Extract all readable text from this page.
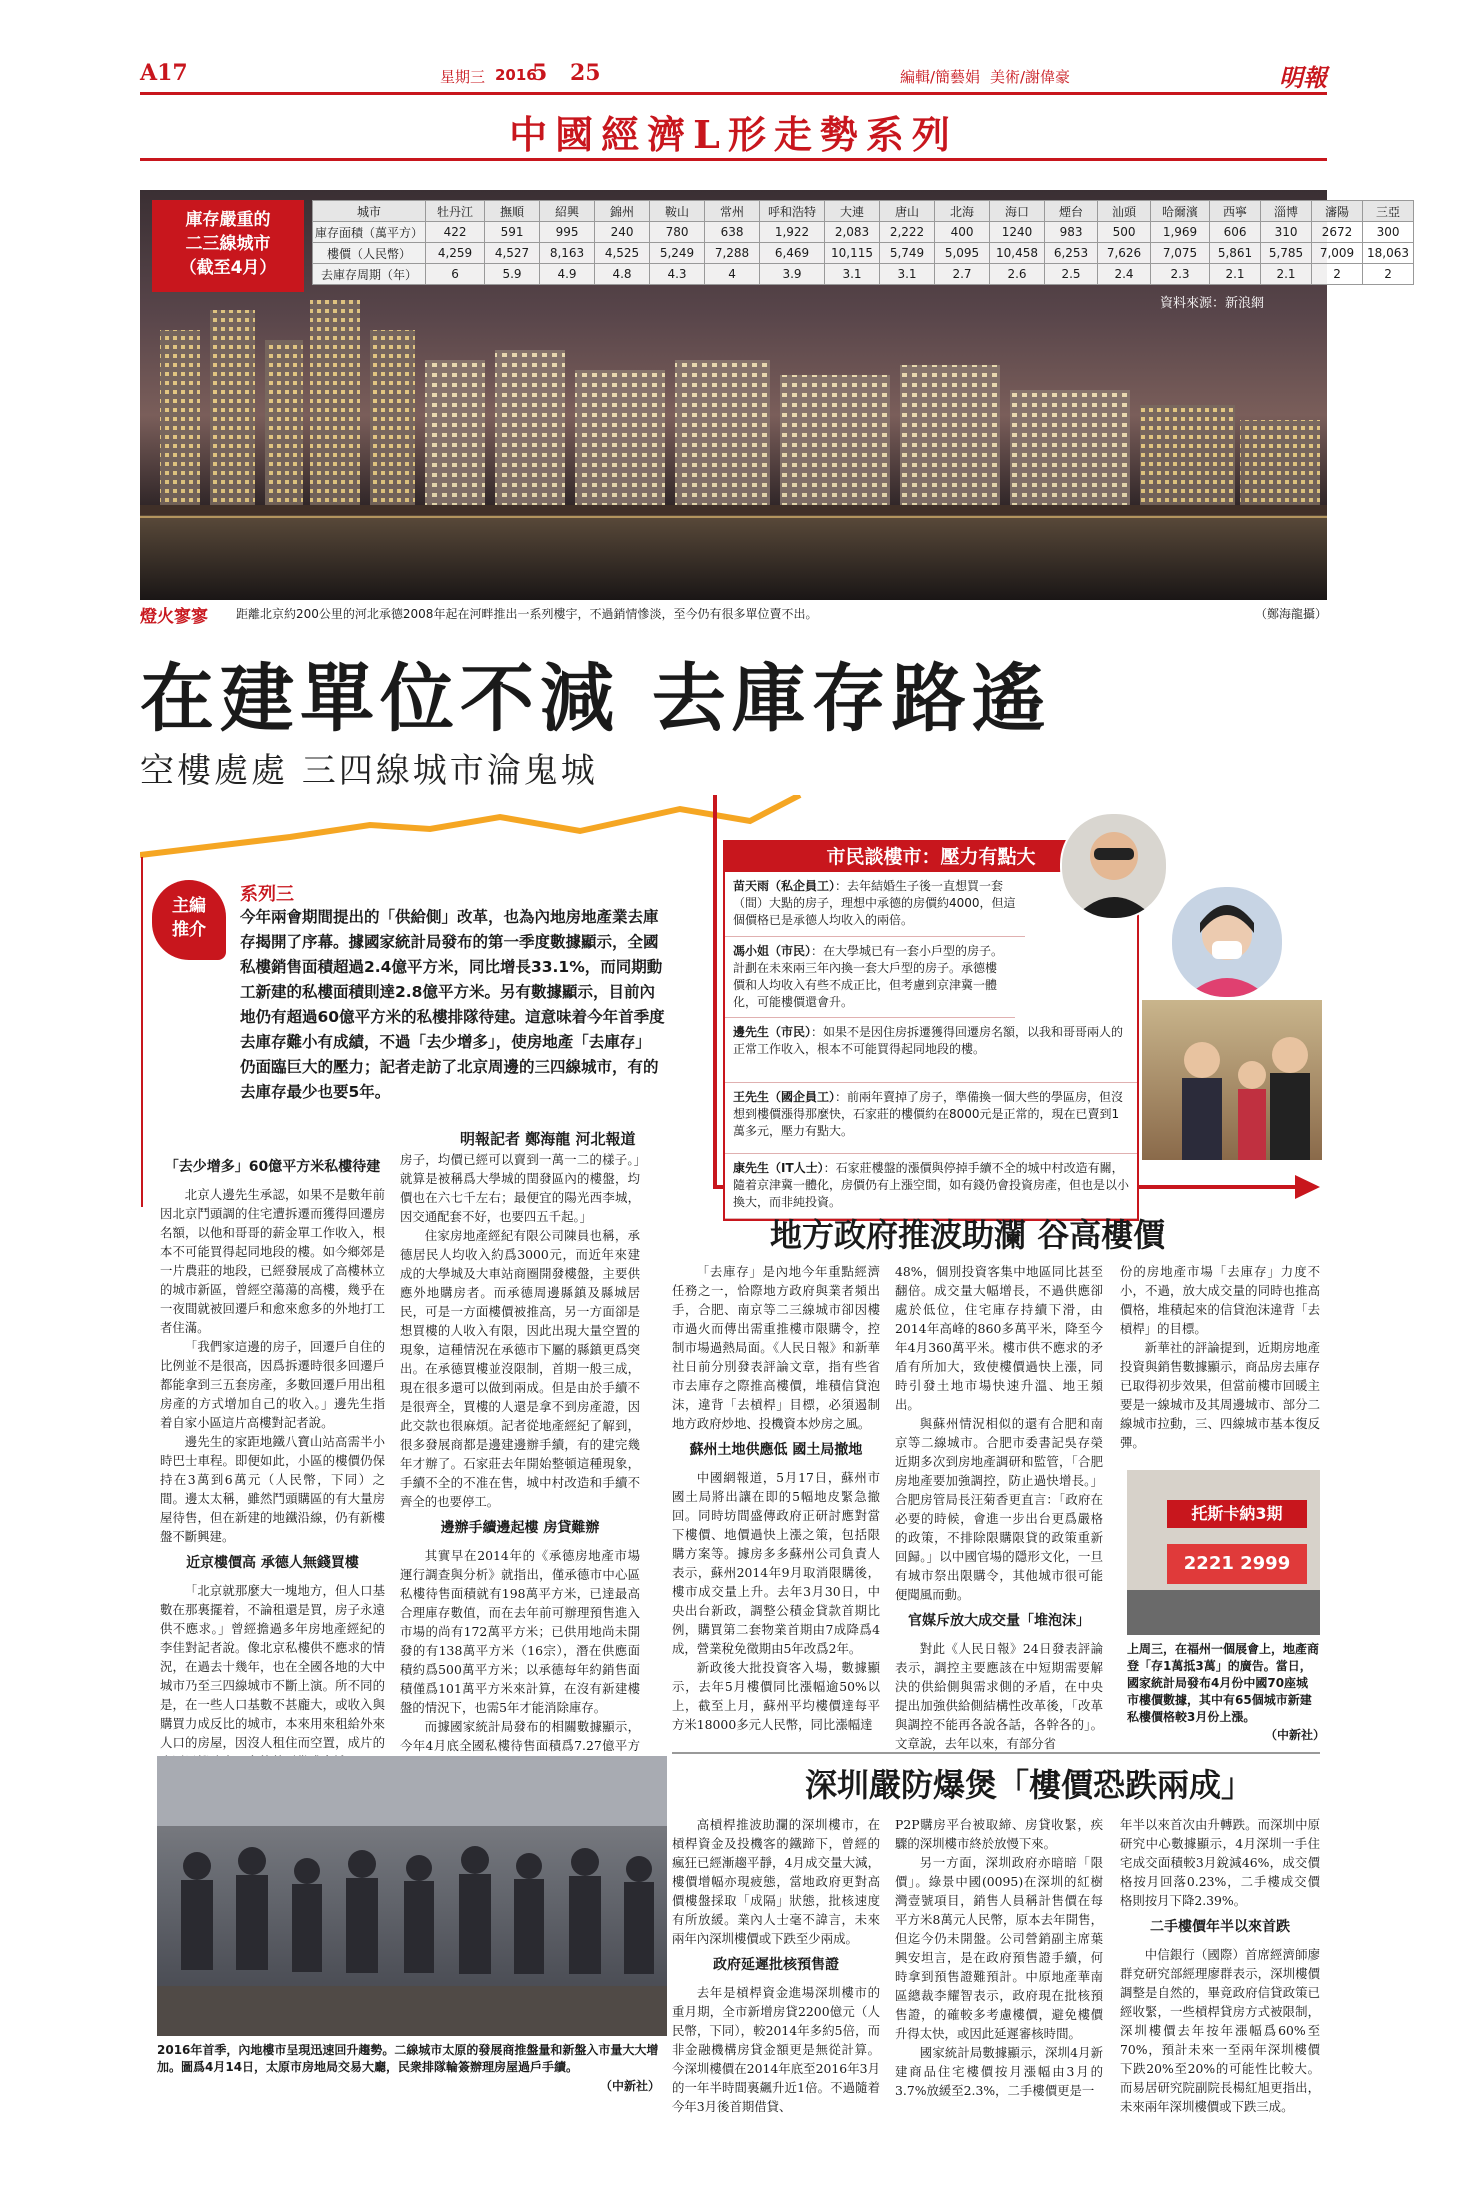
A17	星期三 2016
5 25	編輯/簡藝娟 美術/謝偉豪	明報
中國經濟L形走勢系列
庫存嚴重的
二三線城市
（截至4月）
城市	牡丹江	撫順	紹興	錦州	鞍山	常州	呼和浩特	大連	唐山	北海	海口	煙台	汕頭	哈爾濱	西寧	淄博	瀋陽	三亞
庫存面積（萬平方）	422	591	995	240	780	638	1,922	2,083	2,222	400	1240	983	500	1,969	606	310	2672	300
樓價（人民幣）	4,259	4,527	8,163	4,525	5,249	7,288	6,469	10,115	5,749	5,095	10,458	6,253	7,626	7,075	5,861	5,785	7,009	18,063
去庫存周期（年）	6	5.9	4.9	4.8	4.3	4	3.9	3.1	3.1	2.7	2.6	2.5	2.4	2.3	2.1	2.1	2	2
資料來源：新浪網
燈火寥寥 距離北京約200公里的河北承德2008年起在河畔推出一系列樓宇，不過銷情慘淡，至今仍有很多單位賣不出。	（鄭海龍攝）
在建單位不減 去庫存路遙
空樓處處 三四線城市淪鬼城
主編
推介
系列三
今年兩會期間提出的「供給側」改革，也為內地房地產業去庫存揭開了序幕。據國家統計局發布的第一季度數據顯示，全國私樓銷售面積超過2.4億平方米，同比增長33.1%，而同期動工新建的私樓面積則達2.8億平方米。另有數據顯示，目前內地仍有超過60億平方米的私樓排隊待建。這意味着今年首季度去庫存難小有成績，不過「去少增多」，使房地產「去庫存」仍面臨巨大的壓力；記者走訪了北京周邊的三四線城市，有的去庫存最少也要5年。
明報記者 鄭海龍 河北報道
「去少增多」60億平方米私樓待建

北京人邊先生承認，如果不是數年前因北京鬥頭調的住宅遭拆遷而獲得回遷房名額，以他和哥哥的薪金單工作收入，根本不可能買得起同地段的樓。如今鄉郊是一片農莊的地段，已經發展成了高樓林立的城市新區，曾經空蕩蕩的高樓，幾乎在一夜間就被回遷戶和愈來愈多的外地打工者住滿。

「我們家這邊的房子，回遷戶自住的比例並不是很高，因爲拆遷時很多回遷戶都能拿到三五套房產，多數回遷戶用出租房產的方式增加自己的收入。」邊先生指着自家小區這片高樓對記者說。

邊先生的家距地鐵八寶山站高需半小時巴士車程。即便如此，小區的樓價仍保持在3萬到6萬元（人民幣，下同）之間。邊太太稱，雖然鬥頭購區的有大量房屋待售，但在新建的地鐵沿線，仍有新樓盤不斷興建。

近京樓價高 承德人無錢買樓

「北京就那麼大一塊地方，但人口基數在那裏擺着，不論租還是買，房子永遠供不應求。」曾經擔過多年房地產經紀的李佳對記者說。像北京私樓供不應求的情況，在過去十幾年，也在全國各地的大中城市乃至三四線城市不斷上演。所不同的是，在一些人口基數不甚龐大，或收入與購買力成反比的城市，本來用來租給外來人口的房屋，因沒人租住而空置，成片的

房子，均價已經可以賣到一萬一二的樣子。」就算是被稱爲大學城的閏發區內的樓盤，均價也在六七千左右；最便宜的陽光西李城，因交通配套不好，也要四五千起。」

住家房地產經紀有限公司陳員也稱，承德居民人均收入約爲3000元，而近年來建成的大學城及大車站商圈開發樓盤，主要供應外地購房者。而承德周邊縣鎮及縣城居民，可是一方面樓價被推高，另一方面卻是想買樓的人收入有限，因此出現大量空置的現象，這種情況在承德市下屬的縣鎮更爲突出。在承德買樓並沒限制，首期一般三成，現在很多還可以做到兩成。但是由於手續不是很齊全，買樓的人還是拿不到房產證，因此交款也很麻煩。記者從地產經紀了解到，很多發展商都是邊建邊辦手續，有的建完幾年才辦了。石家莊去年開始整頓這種現象，手續不全的不准在售，城中村改造和手續不齊全的也要停工。

邊辦手續邊起樓 房貸難辦

其實早在2014年的《承德房地產市場運行調查與分析》就指出，僅承德市中心區私樓待售面積就有198萬平方米，已達最高合理庫存數值，而在去年前可辦理預售進入市場的尚有172萬平方米；已供用地尚未開發的有138萬平方米（16宗），潛在供應面積約爲500萬平方米；以承德每年約銷售面積僅爲101萬平方米來計算，在沒有新建樓盤的情況下，也需5年才能消除庫存。

而據國家統計局發布的相關數據顯示，今年4月底全國私樓待售面積爲7.27億平方

2016年首季，內地樓市呈現迅速回升趨勢。二線城市太原的發展商推盤量和新盤入市量大大增加。圖爲4月14日，太原市房地局交易大廳，民衆排隊輪簽辦理房屋過戶手續。
（中新社）
市民談樓市：壓力有點大
苗天雨（私企員工）：去年結婚生子後一直想買一套（間）大點的房子，理想中承德的房價約4000，但這個價格已是承德人均收入的兩倍。
馮小姐（市民）：在大學城已有一套小戶型的房子。計劃在未來兩三年內換一套大戶型的房子。承德樓價和人均收入有些不成正比，但考慮到京津冀一體化，可能樓價還會升。
邊先生（市民）：如果不是因住房拆遷獲得回遷房名額，以我和哥哥兩人的正常工作收入，根本不可能買得起同地段的樓。
王先生（國企員工）：前兩年賣掉了房子，準備換一個大些的學區房，但沒想到樓價漲得那麼快，石家莊的樓價約在8000元是正常的，現在已賣到1萬多元，壓力有點大。
康先生（IT人士）：石家莊樓盤的漲價與停掉手續不全的城中村改造有關，隨着京津冀一體化，房價仍有上漲空間，如有錢仍會投資房產，但也是以小換大，而非純投資。
地方政府推波助瀾 谷高樓價

「去庫存」是內地今年重點經濟任務之一，恰際地方政府與業者頻出手，合肥、南京等二三線城市卻因樓市過火而傳出需重推樓市限購令，控制市場過熱局面。《人民日報》和新華社日前分別發表評論文章，指有些省市去庫存之際推高樓價，堆積信貸泡沫，違背「去槓桿」目標，必須遏制地方政府炒地、投機資本炒房之風。

蘇州土地供應低 國土局撤地

中國網報道，5月17日，蘇州市國土局將出讓在即的5幅地皮緊急撤回。同時坊間盛傳政府正研討應對當下樓價、地價過快上漲之策，包括限購方案等。據房多多蘇州公司負責人表示，蘇州2014年9月取消限購後，樓市成交量上升。去年3月30日，中央出台新政，調整公積金貸款首期比例，購買第二套物業首期由7成降爲4成，營業稅免徵期由5年改爲2年。

新政後大批投資客入場，數據顯示，去年5月樓價同比漲幅逾50%以上，截至上月，蘇州平均樓價達每平方米18000多元人民幣，同比漲幅達

48%，個別投資客集中地區同比甚至翻倍。成交量大幅增長，不過供應卻處於低位，住宅庫存持續下滑，由2014年高峰的860多萬平米，降至今年4月360萬平米。樓市供不應求的矛盾有所加大，致使樓價過快上漲，同時引發土地市場快速升溫、地王頻出。

與蘇州情況相似的還有合肥和南京等二線城市。合肥市委書記吳存榮近期多次到房地產調研和監管，「合肥房地產要加強調控，防止過快增長。」合肥房管局長汪菊香更直言：「政府在必要的時候，會進一步出台更爲嚴格的政策，不排除限購限貸的政策重新回歸。」以中國官場的隱形文化，一旦有城市祭出限購令，其他城市很可能便聞風而動。

官媒斥放大成交量「堆泡沫」

對此《人民日報》24日發表評論表示，調控主要應該在中短期需要解決的供給側與需求側的矛盾，在中央提出加強供給側結構性改革後，「改革與調控不能再各說各話，各幹各的」。文章說，去年以來，有部分省

份的房地產市場「去庫存」力度不小，不過，放大成交量的同時也推高價格，堆積起來的信貸泡沫違背「去槓桿」的目標。

新華社的評論提到，近期房地產投資與銷售數據顯示，商品房去庫存已取得初步效果，但當前樓市回暖主要是一線城市及其周邊城市、部分二線城市拉動，三、四線城市基本復反彈。

托斯卡納3期
2221 2999
上周三，在福州一個展會上，地產商登「存1萬抵3萬」的廣告。當日，國家統計局發布4月份中國70座城市樓價數據，其中有65個城市新建私樓價格較3月份上漲。
（中新社）
深圳嚴防爆煲「樓價恐跌兩成」

高槓桿推波助瀾的深圳樓市，在槓桿資金及投機客的鐵蹄下，曾經的瘋狂已經漸趨平靜，4月成交量大減，樓價增幅亦現疲態，當地政府更對高價樓盤採取「成隔」狀態，批核速度有所放緩。業內人士毫不諱言，未來兩年內深圳樓價或下跌至少兩成。

政府延遲批核預售證

去年是槓桿資金進場深圳樓市的重月期，全市新增房貸2200億元（人民幣，下同），較2014年多約5倍，而非金融機構房貸金額更是無從計算。今深圳樓價在2014年底至2016年3月的一年半時間裏飆升近1倍。不過隨着今年3月後首期借貸、

P2P購房平台被取締、房貸收緊，疾驟的深圳樓市終於放慢下來。

另一方面，深圳政府亦暗暗「限價」。綠景中國(0095)在深圳的紅樹灣壹號項目，銷售人員稱計售價在每平方米8萬元人民幣，原本去年開售，但迄今仍未開盤。公司營銷副主席葉興安坦言，是在政府預售證手續，何時拿到預售證難預計。中原地產華南區總裁李耀智表示，政府現在批核預售證，的確較多考慮樓價，避免樓價升得太快，或因此延遲審核時間。

國家統計局數據顯示，深圳4月新建商品住宅樓價按月漲幅由3月的3.7%放緩至2.3%，二手樓價更是一

年半以來首次由升轉跌。而深圳中原研究中心數據顯示，4月深圳一手住宅成交面積較3月銳減46%，成交價格按月回落0.23%，二手樓成交價格則按月下降2.39%。

二手樓價年半以來首跌

中信銀行（國際）首席經濟師廖群兗研究部經理廖群表示，深圳樓價調整是自然的，畢竟政府信貸政策已經收緊，一些槓桿貸房方式被限制，深圳樓價去年按年漲幅爲60%至70%，預計未來一至兩年深圳樓價下跌20%至20%的可能性比較大。而易居研究院副院長楊紅旭更指出，未來兩年深圳樓價或下跌三成。
